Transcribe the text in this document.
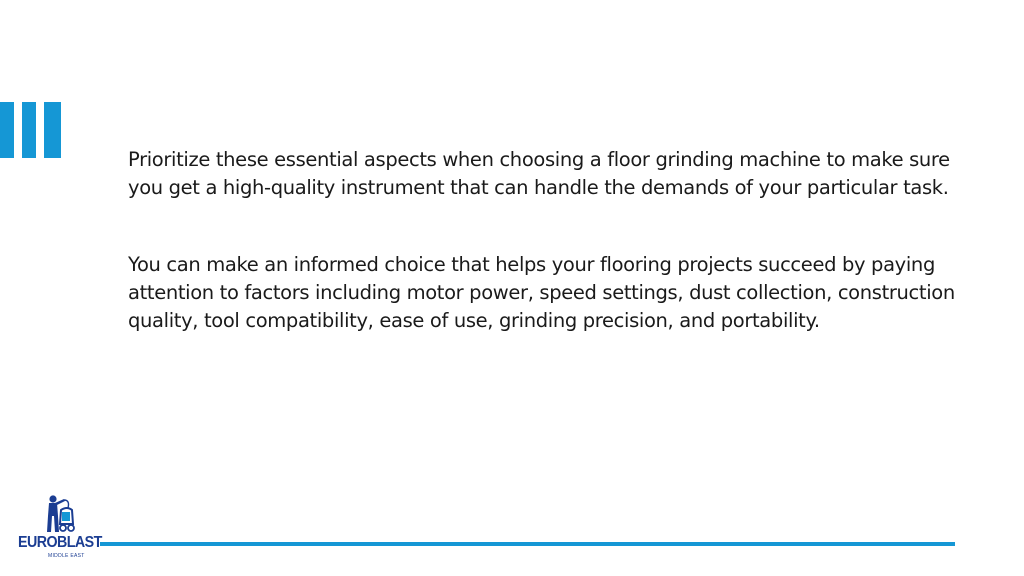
Prioritize these essential aspects when choosing a floor grinding machine to make sure you get a high-quality instrument that can handle the demands of your particular task.

You can make an informed choice that helps your flooring projects succeed by paying attention to factors including motor power, speed settings, dust collection, construction quality, tool compatibility, ease of use, grinding precision, and portability.

EUROBLAST
MIDDLE EAST
